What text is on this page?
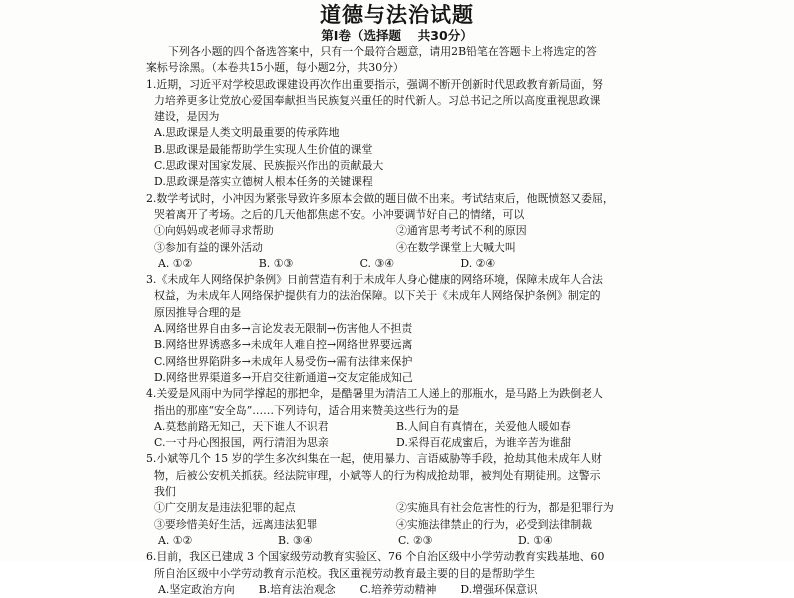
道德与法治试题
第Ⅰ卷（选择题　 共30分）
下列各小题的四个备选答案中，只有一个最符合题意，请用2B铅笔在答题卡上将选定的答
案标号涂黑。（本卷共15小题，每小题2分，共30分）
1.近期，习近平对学校思政课建设再次作出重要指示，强调不断开创新时代思政教育新局面，努
力培养更多让党放心爱国奉献担当民族复兴重任的时代新人。习总书记之所以高度重视思政课
建设，是因为
A.思政课是人类文明最重要的传承阵地
B.思政课是最能帮助学生实现人生价值的课堂
C.思政课对国家发展、民族振兴作出的贡献最大
D.思政课是落实立德树人根本任务的关键课程
2.数学考试时，小冲因为紧张导致许多原本会做的题目做不出来。考试结束后，他既愤怒又委屈，
哭着离开了考场。之后的几天他都焦虑不安。小冲要调节好自己的情绪，可以
①向妈妈或老师寻求帮助	②通宵思考考试不利的原因
③参加有益的课外活动	④在数学课堂上大喊大叫
A. ①②	B. ①③	C. ③④	D. ②④
3.《未成年人网络保护条例》日前营造有利于未成年人身心健康的网络环境，保障未成年人合法
权益，为未成年人网络保护提供有力的法治保障。以下关于《未成年人网络保护条例》制定的
原因推导合理的是
A.网络世界自由多→言论发表无限制→伤害他人不担责
B.网络世界诱惑多→未成年人难自控→网络世界要远离
C.网络世界陷阱多→未成年人易受伤→需有法律来保护
D.网络世界渠道多→开启交往新通道→交友定能成知己
4.关爱是风雨中为同学撑起的那把伞，是酷暑里为清洁工人递上的那瓶水，是马路上为跌倒老人
指出的那座“安全岛”……下列诗句，适合用来赞美这些行为的是
A.莫愁前路无知己，天下谁人不识君	B.人间自有真情在，关爱他人暖如春
C.一寸丹心图报国，两行清泪为思亲	D.采得百花成蜜后，为谁辛苦为谁甜
5.小斌等几个 15 岁的学生多次纠集在一起，使用暴力、言语威胁等手段，抢劫其他未成年人财
物，后被公安机关抓获。经法院审理，小斌等人的行为构成抢劫罪，被判处有期徒刑。这警示
我们
①广交朋友是违法犯罪的起点	②实施具有社会危害性的行为，都是犯罪行为
③要珍惜美好生活，远离违法犯罪	④实施法律禁止的行为，必受到法律制裁
A. ①②	B. ③④	C. ②③	D. ①④
6.目前，我区已建成 3 个国家级劳动教育实验区、76 个自治区级中小学劳动教育实践基地、60
所自治区级中小学劳动教育示范校。我区重视劳动教育最主要的目的是帮助学生
A.坚定政治方向	B.培育法治观念	C.培养劳动精神	D.增强环保意识
